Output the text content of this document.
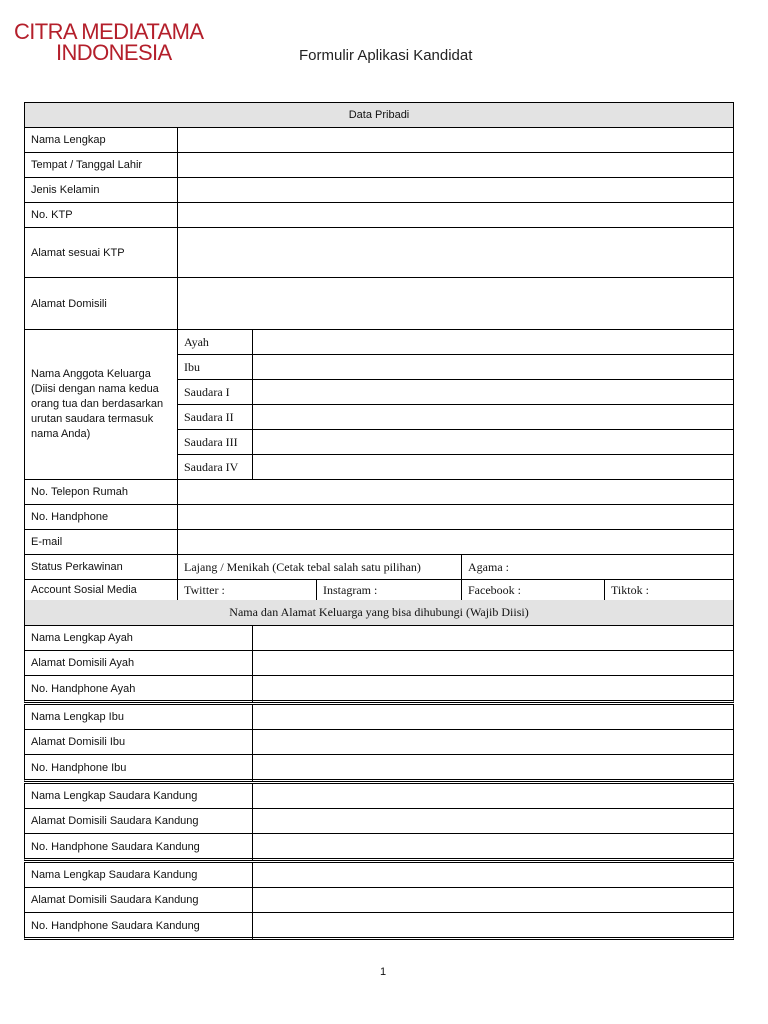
CITRA MEDIATAMA
INDONESIA	Formulir Aplikasi Kandidat
Data Pribadi
Nama Lengkap
Tempat / Tanggal Lahir
Jenis Kelamin
No. KTP
Alamat sesuai KTP
Alamat Domisili
Nama Anggota Keluarga (Diisi dengan nama kedua orang tua dan berdasarkan urutan saudara termasuk nama Anda)
Ayah
Ibu
Saudara I
Saudara II
Saudara III
Saudara IV
No. Telepon Rumah
No. Handphone
E-mail
Status Perkawinan	Lajang / Menikah (Cetak tebal salah satu pilihan)	Agama :
Account Sosial Media	Twitter :	Instagram :	Facebook :	Tiktok :
Nama dan Alamat Keluarga yang bisa dihubungi (Wajib Diisi)
Nama Lengkap Ayah
Alamat Domisili Ayah
No. Handphone Ayah
Nama Lengkap Ibu
Alamat Domisili Ibu
No. Handphone Ibu
Nama Lengkap Saudara Kandung
Alamat Domisili Saudara Kandung
No. Handphone Saudara Kandung
Nama Lengkap Saudara Kandung
Alamat Domisili Saudara Kandung
No. Handphone Saudara Kandung
1
